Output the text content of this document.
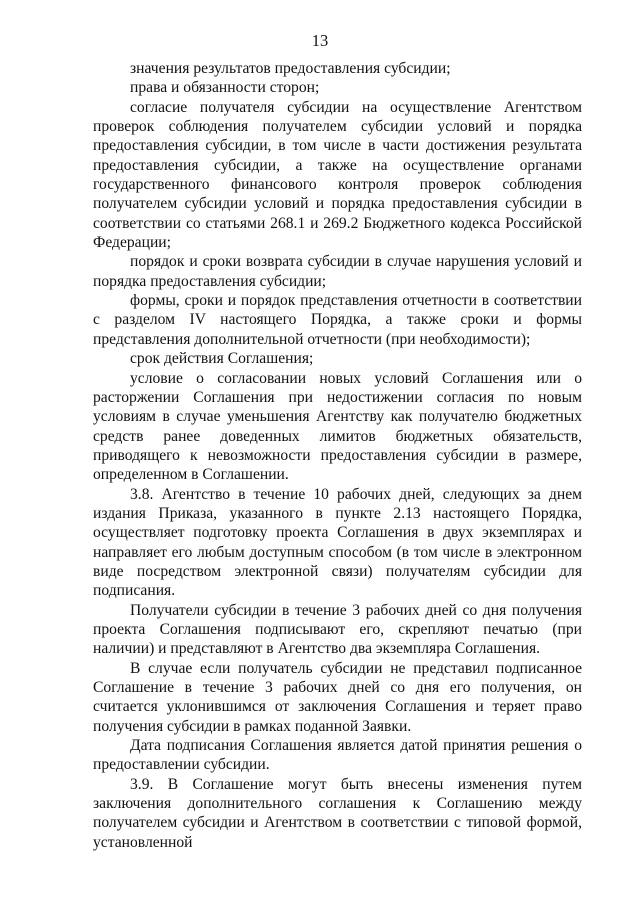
13

значения результатов предоставления субсидии;

права и обязанности сторон;

согласие получателя субсидии на осуществление Агентством проверок соблюдения получателем субсидии условий и порядка предоставления субсидии, в том числе в части достижения результата предоставления субсидии, а также на осуществление органами государственного финансового контроля проверок соблюдения получателем субсидии условий и порядка предоставления субсидии в соответствии со статьями 268.1 и 269.2 Бюджетного кодекса Российской Федерации;

порядок и сроки возврата субсидии в случае нарушения условий и порядка предоставления субсидии;

формы, сроки и порядок представления отчетности в соответствии с разделом IV настоящего Порядка, а также сроки и формы представления дополнительной отчетности (при необходимости);

срок действия Соглашения;

условие о согласовании новых условий Соглашения или о расторжении Соглашения при недостижении согласия по новым условиям в случае уменьшения Агентству как получателю бюджетных средств ранее доведенных лимитов бюджетных обязательств, приводящего к невозможности предоставления субсидии в размере, определенном в Соглашении.

3.8. Агентство в течение 10 рабочих дней, следующих за днем издания Приказа, указанного в пункте 2.13 настоящего Порядка, осуществляет подготовку проекта Соглашения в двух экземплярах и направляет его любым доступным способом (в том числе в электронном виде посредством электронной связи) получателям субсидии для подписания.

Получатели субсидии в течение 3 рабочих дней со дня получения проекта Соглашения подписывают его, скрепляют печатью (при наличии) и представляют в Агентство два экземпляра Соглашения.

В случае если получатель субсидии не представил подписанное Соглашение в течение 3 рабочих дней со дня его получения, он считается уклонившимся от заключения Соглашения и теряет право получения субсидии в рамках поданной Заявки.

Дата подписания Соглашения является датой принятия решения о предоставлении субсидии.

3.9. В Соглашение могут быть внесены изменения путем заключения дополнительного соглашения к Соглашению между получателем субсидии и Агентством в соответствии с типовой формой, установленной
